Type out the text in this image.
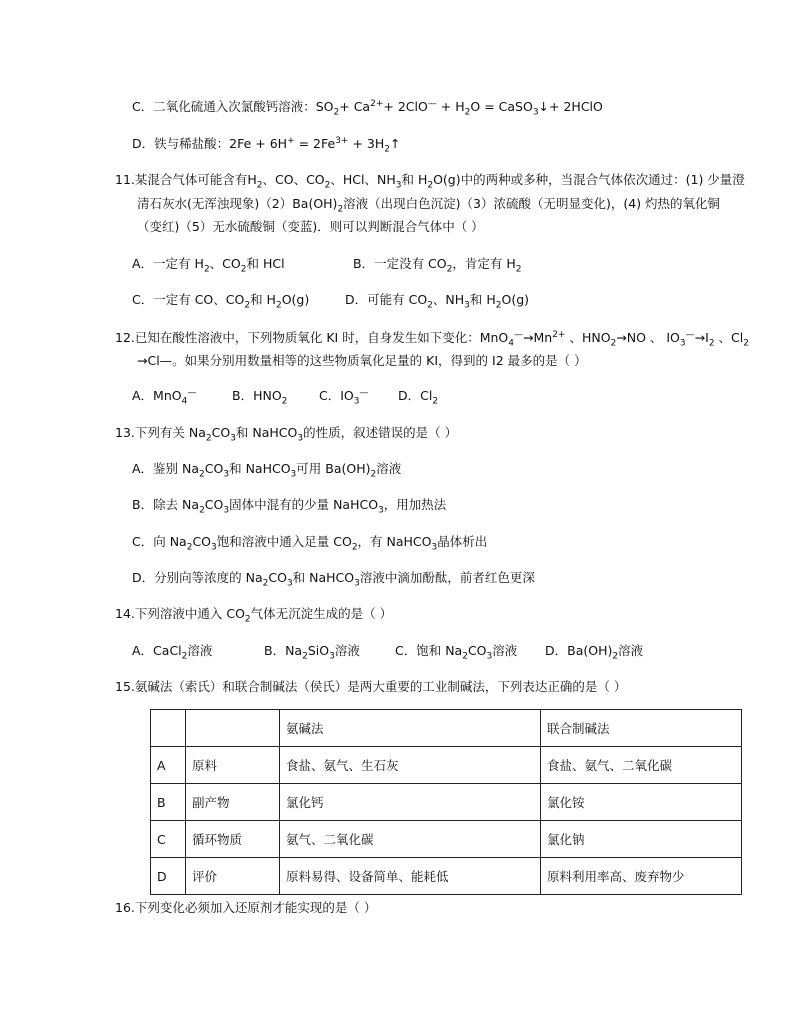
C．二氧化硫通入次氯酸钙溶液：$SO_2+ Ca^{2+}+ 2ClO^— + H_2O$ = CaSO$_3$↓+ 2HClO
D．铁与稀盐酸：$2Fe + 6H^+ = 2Fe^{3+}$ + $3H_2↑$
11.某混合气体可能含有$H_2$、CO、$CO_2$、HCl、$NH_3$和 $H_2O(g)$中的两种或多种，当混合气体依次通过：(1) 少量澄
清石灰水(无浑浊现象)$(2)Ba(OH)_2$溶液（出现白色沉淀)（3）浓硫酸（无明显变化)，(4) 灼热的氧化铜
（变红)（5）无水硫酸铜（变蓝)．则可以判断混合气体中（ ）
A．一定有 $H_2$、$CO_2$和 HCl	B．一定没有 $CO_2$，肯定有 $H_2$
C．一定有 CO、$CO_2$和 $H_2O(g)$	D．可能有 $CO_2$、$NH_3$和 $H_2O(g)$
12.已知在酸性溶液中，下列物质氧化 KI 时，自身发生如下变化：$MnO_4^—\to Mn^{2+}$ 、$HNO_2\to NO$ 、 $IO_3^—\to I_2$ 、$Cl_2$
→Cl—。如果分别用数量相等的这些物质氧化足量的 KI，得到的 I2 最多的是（ ）
A．MnO$_4$—	B．$HNO_2$	C．$IO_3^—$ D．$Cl_2$
13.下列有关 $Na_2CO_3$和 NaHCO$_3$的性质，叙述错误的是（ ）
A．鉴别 $Na_2CO_3$和 NaHCO$_3$可用 $Ba(OH)_2$溶液
B．除去 $Na_2CO_3$固体中混有的少量 NaHCO$_3$，用加热法
C．向 $Na_2CO_3$饱和溶液中通入足量 $CO_2$，有 NaHCO$_3$晶体析出
D．分别向等浓度的 $Na_2CO_3$和 NaHCO$_3$溶液中滴加酚酞，前者红色更深
14.下列溶液中通入 $CO_2$气体无沉淀生成的是（ ）
A．CaCl$_2$溶液	B．$Na_2SiO_3$溶液	C．饱和 $Na_2CO_3$溶液 D．$Ba(OH)_2$溶液
15.氨碱法（索氏）和联合制碱法（侯氏）是两大重要的工业制碱法，下列表达正确的是（ ）
		氨碱法	联合制碱法
A	原料	食盐、氨气、生石灰	食盐、氨气、二氧化碳
B	副产物	氯化钙	氯化铵
C	循环物质	氨气、二氧化碳	氯化钠
D	评价	原料易得、设备简单、能耗低	原料利用率高、废弃物少
16.下列变化必须加入还原剂才能实现的是（ ）
